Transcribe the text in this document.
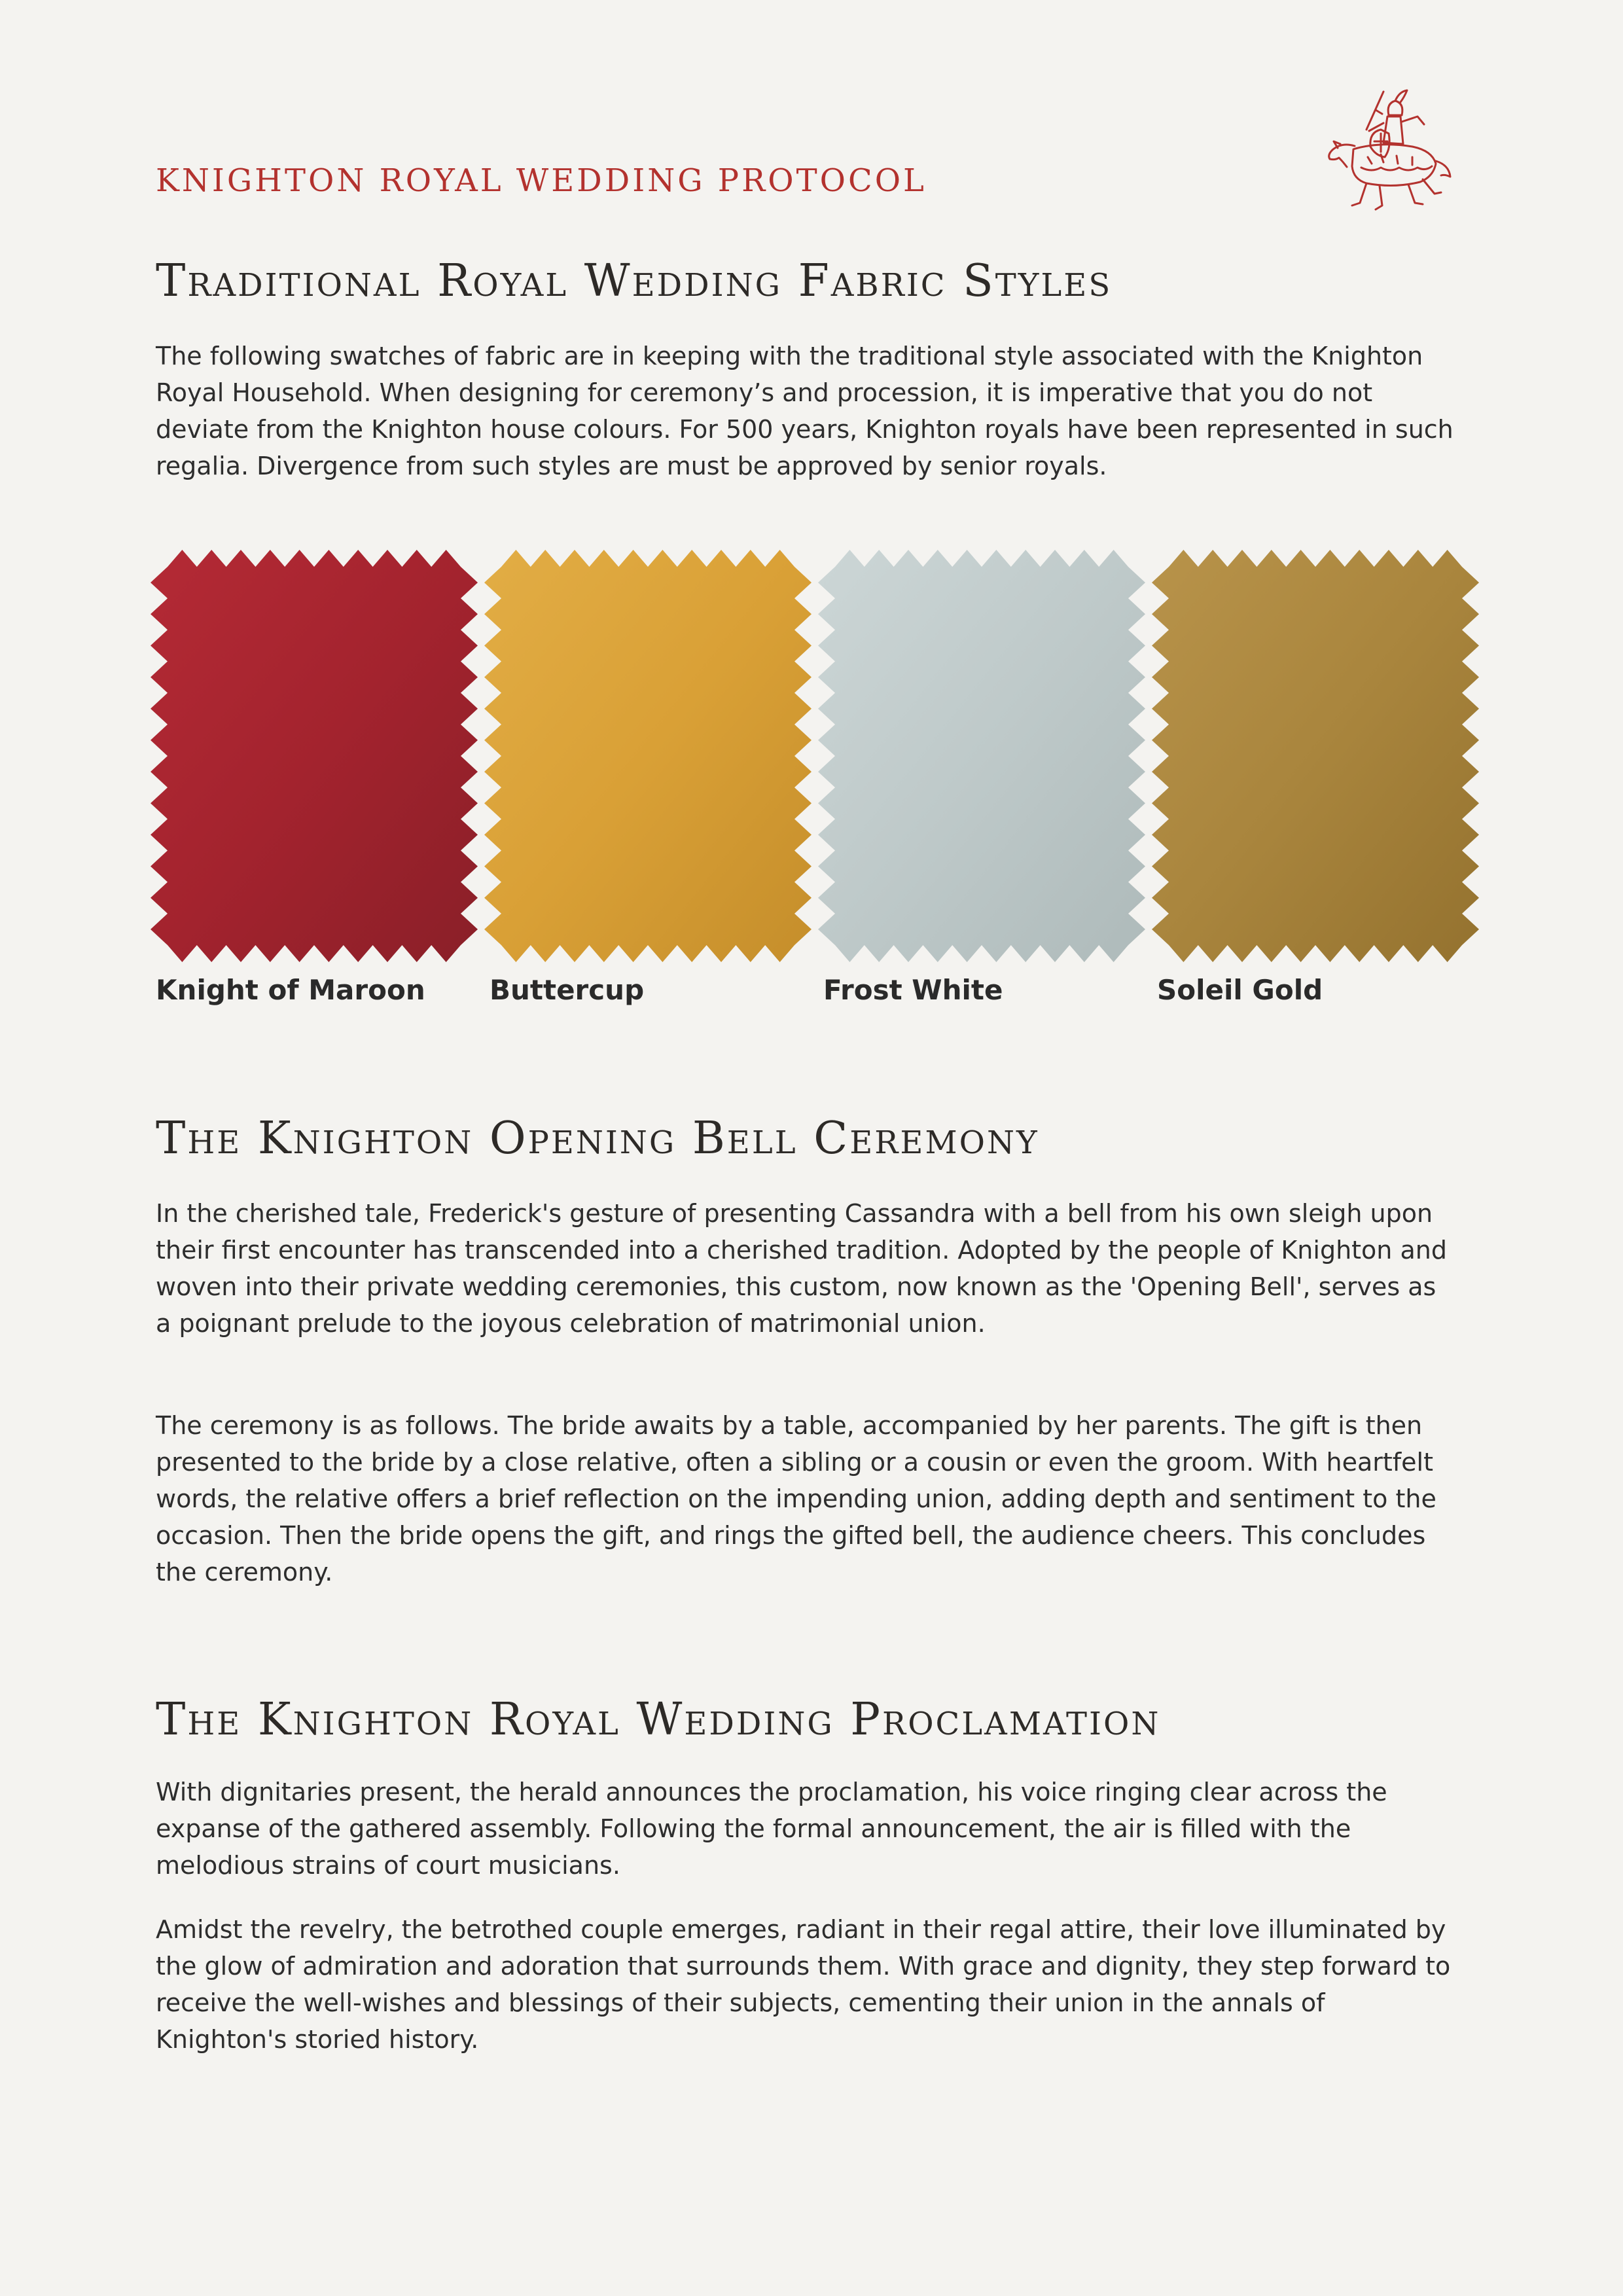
KNIGHTON ROYAL WEDDING PROTOCOL
Traditional Royal Wedding Fabric Styles

The following swatches of fabric are in keeping with the traditional style associated with the Knighton Royal Household. When designing for ceremony’s and procession, it is imperative that you do not deviate from the Knighton house colours. For 500 years, Knighton royals have been represented in such regalia. Divergence from such styles are must be approved by senior royals.

Knight of Maroon Buttercup	Frost White	Soleil Gold

The Knighton Opening Bell Ceremony

In the cherished tale, Frederick's gesture of presenting Cassandra with a bell from his own sleigh upon their first encounter has transcended into a cherished tradition. Adopted by the people of Knighton and woven into their private wedding ceremonies, this custom, now known as the 'Opening Bell', serves as a poignant prelude to the joyous celebration of matrimonial union.

The ceremony is as follows. The bride awaits by a table, accompanied by her parents. The gift is then presented to the bride by a close relative, often a sibling or a cousin or even the groom. With heartfelt words, the relative offers a brief reflection on the impending union, adding depth and sentiment to the occasion. Then the bride opens the gift, and rings the gifted bell, the audience cheers. This concludes the ceremony.

The Knighton Royal Wedding Proclamation

With dignitaries present, the herald announces the proclamation, his voice ringing clear across the expanse of the gathered assembly. Following the formal announcement, the air is filled with the melodious strains of court musicians.

Amidst the revelry, the betrothed couple emerges, radiant in their regal attire, their love illuminated by the glow of admiration and adoration that surrounds them. With grace and dignity, they step forward to receive the well-wishes and blessings of their subjects, cementing their union in the annals of Knighton's storied history.
